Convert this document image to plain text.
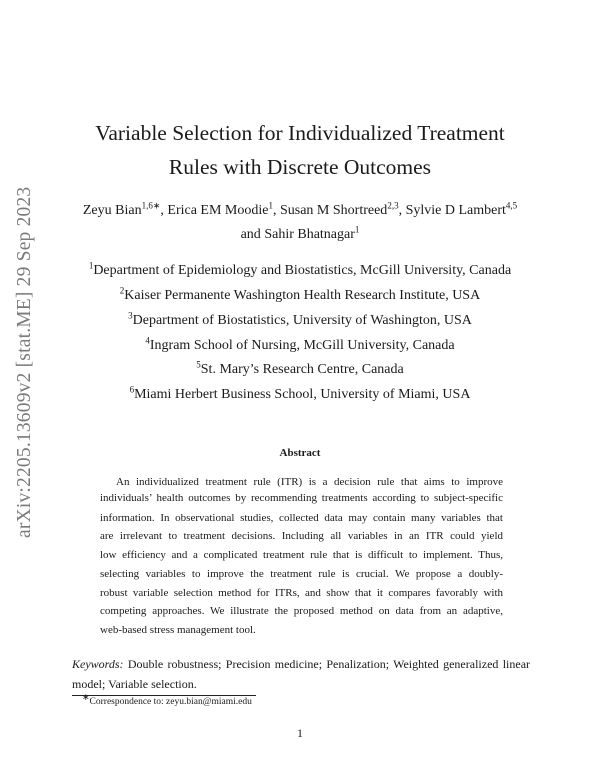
arXiv:2205.13609v2 [stat.ME] 29 Sep 2023
Variable Selection for Individualized Treatment
Rules with Discrete Outcomes
Zeyu Bian$^{1,6∗}$, Erica EM Moodie$^1$, Susan M Shortreed$^{2,3}$, Sylvie D Lambert$^{4,5}$
and Sahir Bhatnagar$^1$
$^1$Department of Epidemiology and Biostatistics, McGill University, Canada
$^2$Kaiser Permanente Washington Health Research Institute, USA
$^3$Department of Biostatistics, University of Washington, USA
$^4$Ingram School of Nursing, McGill University, Canada
$^5$St. Mary’s Research Centre, Canada
$^6$Miami Herbert Business School, University of Miami, USA
Abstract
An individualized treatment rule (ITR) is a decision rule that aims to improve
individuals’ health outcomes by recommending treatments according to subject-specific
information. In observational studies, collected data may contain many variables that
are irrelevant to treatment decisions. Including all variables in an ITR could yield
low efficiency and a complicated treatment rule that is difficult to implement. Thus,
selecting variables to improve the treatment rule is crucial. We propose a doubly-
robust variable selection method for ITRs, and show that it compares favorably with
competing approaches. We illustrate the proposed method on data from an adaptive,
web-based stress management tool.
Keywords: Double robustness; Precision medicine; Penalization; Weighted generalized linear
model; Variable selection.
∗Correspondence to: zeyu.bian@miami.edu
1
